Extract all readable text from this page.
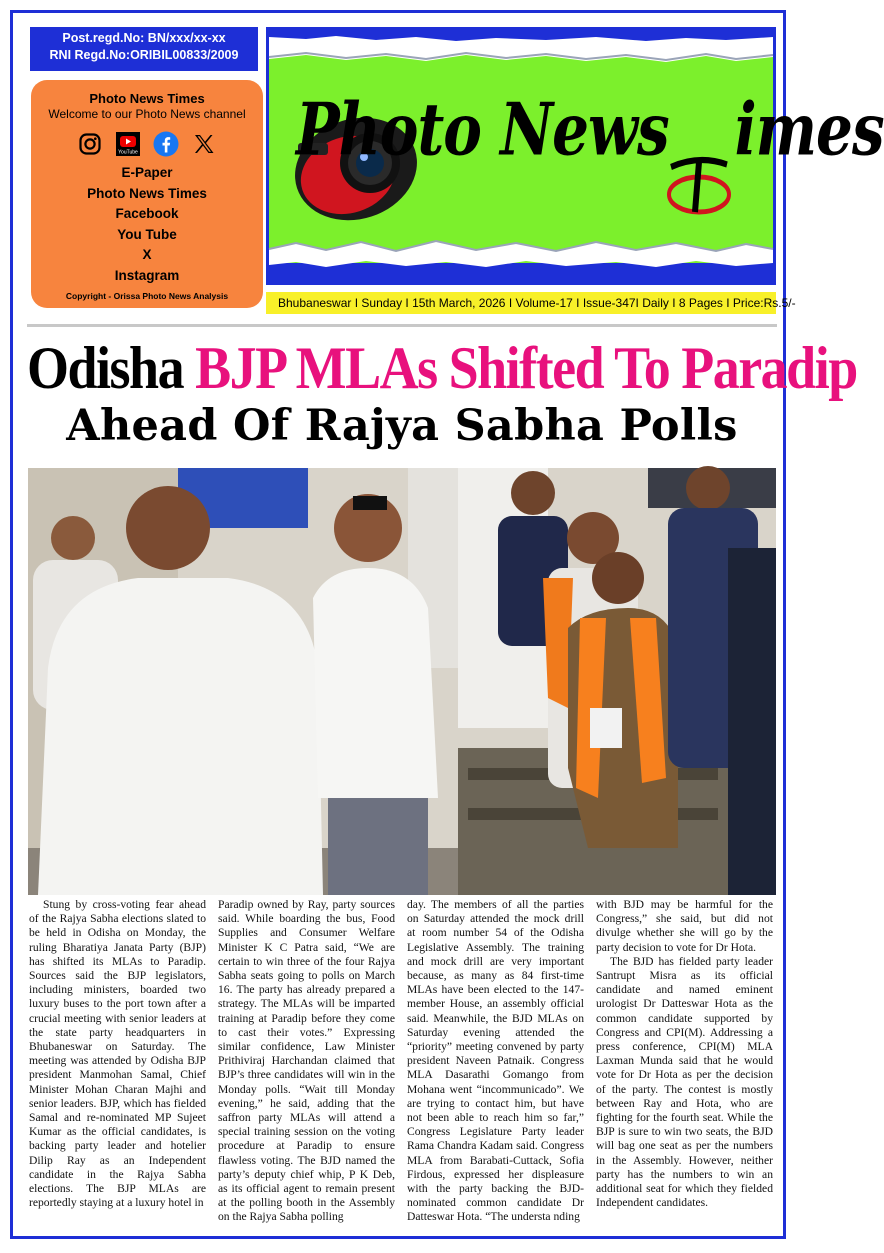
Post.regd.No: BN/xxx/xx-xx
RNI Regd.No:ORIBIL00833/2009
Photo News Times
Welcome to our Photo News channel
YouTube
E-Paper
Photo News Times
Facebook
You Tube
X
Instagram
Copyright - Orissa Photo News Analysis
Photo News imes
Bhubaneswar I Sunday I 15th March, 2026 I Volume-17 I Issue-347I Daily I 8 Pages I Price:Rs.5/-
Odisha BJP MLAs Shifted To Paradip
Ahead Of Rajya Sabha Polls

Stung by cross-voting fear ahead of the Rajya Sabha elections slated to be held in Odisha on Monday, the ruling Bharatiya Janata Party (BJP) has shifted its MLAs to Paradip. Sources said the BJP legislators, including ministers, boarded two luxury buses to the port town after a crucial meeting with senior leaders at the state party headquarters in Bhubaneswar on Saturday. The meeting was attended by Odisha BJP president Manmohan Samal, Chief Minister Mohan Charan Majhi and senior leaders. BJP, which has fielded Samal and re-nominated MP Sujeet Kumar as the official candidates, is backing party leader and hotelier Dilip Ray as an Independent candidate in the Rajya Sabha elections. The BJP MLAs are reportedly staying at a luxury hotel in

Paradip owned by Ray, party sources said. While boarding the bus, Food Supplies and Consumer Welfare Minister K C Patra said, “We are certain to win three of the four Rajya Sabha seats going to polls on March 16. The party has already prepared a strategy. The MLAs will be imparted training at Paradip before they come to cast their votes.” Expressing similar confidence, Law Minister Prithiviraj Harchandan claimed that BJP’s three candidates will win in the Monday polls. “Wait till Monday evening,” he said, adding that the saffron party MLAs will attend a special training session on the voting procedure at Paradip to ensure flawless voting. The BJD named the party’s deputy chief whip, P K Deb, as its official agent to remain present at the polling booth in the Assembly on the Rajya Sabha polling

day. The members of all the parties on Saturday attended the mock drill at room number 54 of the Odisha Legislative Assembly. The training and mock drill are very important because, as many as 84 first-time MLAs have been elected to the 147-member House, an assembly official said. Meanwhile, the BJD MLAs on Saturday evening attended the “priority” meeting convened by party president Naveen Patnaik. Congress MLA Dasarathi Gomango from Mohana went “incommunicado”. We are trying to contact him, but have not been able to reach him so far,” Congress Legislature Party leader Rama Chandra Kadam said. Congress MLA from Barabati-Cuttack, Sofia Firdous, expressed her displeasure with the party backing the BJD-nominated common candidate Dr Datteswar Hota. “The understa nding

with BJD may be harmful for the Congress,” she said, but did not divulge whether she will go by the party decision to vote for Dr Hota.

The BJD has fielded party leader Santrupt Misra as its official candidate and named eminent urologist Dr Datteswar Hota as the common candidate supported by Congress and CPI(M). Addressing a press conference, CPI(M) MLA Laxman Munda said that he would vote for Dr Hota as per the decision of the party. The contest is mostly between Ray and Hota, who are fighting for the fourth seat. While the BJP is sure to win two seats, the BJD will bag one seat as per the numbers in the Assembly. However, neither party has the numbers to win an additional seat for which they fielded Independent candidates.
